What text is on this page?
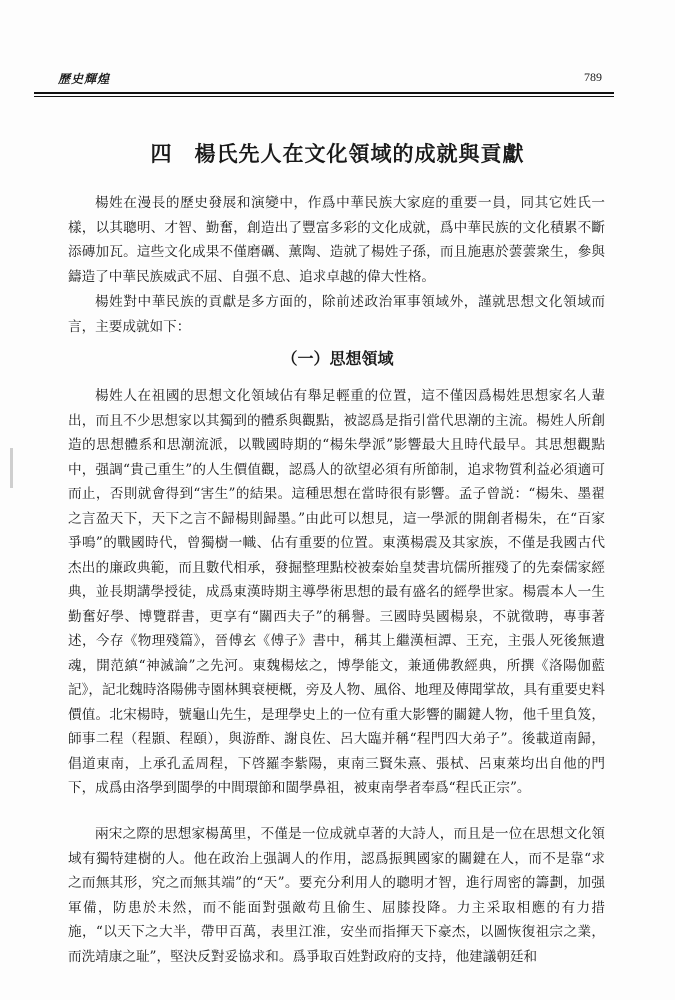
歷史輝煌	789
四　楊氏先人在文化領域的成就與貢獻

楊姓在漫長的歷史發展和演變中，作爲中華民族大家庭的重要一員，同其它姓氏一樣，以其聰明、才智、勤奮，創造出了豐富多彩的文化成就，爲中華民族的文化積累不斷添磚加瓦。這些文化成果不僅磨礪、薰陶、造就了楊姓子孫，而且施惠於蕓蕓衆生，參與鑄造了中華民族威武不屈、自强不息、追求卓越的偉大性格。

楊姓對中華民族的貢獻是多方面的，除前述政治軍事領域外，謹就思想文化領域而言，主要成就如下：

（一）思想領域

楊姓人在祖國的思想文化領域佔有舉足輕重的位置，這不僅因爲楊姓思想家名人輩出，而且不少思想家以其獨到的體系與觀點，被認爲是指引當代思潮的主流。楊姓人所創造的思想體系和思潮流派，以戰國時期的“楊朱學派”影響最大且時代最早。其思想觀點中，强調“貴己重生”的人生價值觀，認爲人的欲望必須有所節制，追求物質利益必須適可而止，否則就會得到“害生”的結果。這種思想在當時很有影響。孟子曾説：“楊朱、墨翟之言盈天下，天下之言不歸楊則歸墨。”由此可以想見，這一學派的開創者楊朱，在“百家爭鳴”的戰國時代，曾獨樹一幟、佔有重要的位置。東漢楊震及其家族，不僅是我國古代杰出的廉政典範，而且數代相承，發掘整理點校被秦始皇焚書坑儒所摧殘了的先秦儒家經典，並長期講學授徒，成爲東漢時期主導學術思想的最有盛名的經學世家。楊震本人一生勤奮好學、博覽群書，更享有“關西夫子”的稱譽。三國時吳國楊泉，不就徵聘，專事著述，今存《物理殘篇》，晉傅玄《傅子》書中，稱其上繼漢桓譚、王充，主張人死後無遺魂，開范縝“神滅論”之先河。東魏楊炫之，博學能文，兼通佛教經典，所撰《洛陽伽藍記》，記北魏時洛陽佛寺園林興衰梗概，旁及人物、風俗、地理及傳聞掌故，具有重要史料價值。北宋楊時，號龜山先生，是理學史上的一位有重大影響的關鍵人物，他千里負笈，師事二程（程顥、程頤），與游酢、謝良佐、呂大臨并稱“程門四大弟子”。後載道南歸，倡道東南，上承孔孟周程，下啓羅李紫陽，東南三賢朱熹、張栻、呂東萊均出自他的門下，成爲由洛學到閩學的中間環節和閩學鼻祖，被東南學者奉爲“程氏正宗”。

兩宋之際的思想家楊萬里，不僅是一位成就卓著的大詩人，而且是一位在思想文化領域有獨特建樹的人。他在政治上强調人的作用，認爲振興國家的關鍵在人，而不是靠“求之而無其形，究之而無其端”的“天”。要充分利用人的聰明才智，進行周密的籌劃，加强軍備，防患於未然，而不能面對强敵苟且偷生、屈膝投降。力主采取相應的有力措施，“以天下之大半，帶甲百萬，表里江淮，安坐而指揮天下豪杰，以圖恢復祖宗之業，而洗靖康之耻”，堅決反對妥協求和。爲爭取百姓對政府的支持，他建議朝廷和
